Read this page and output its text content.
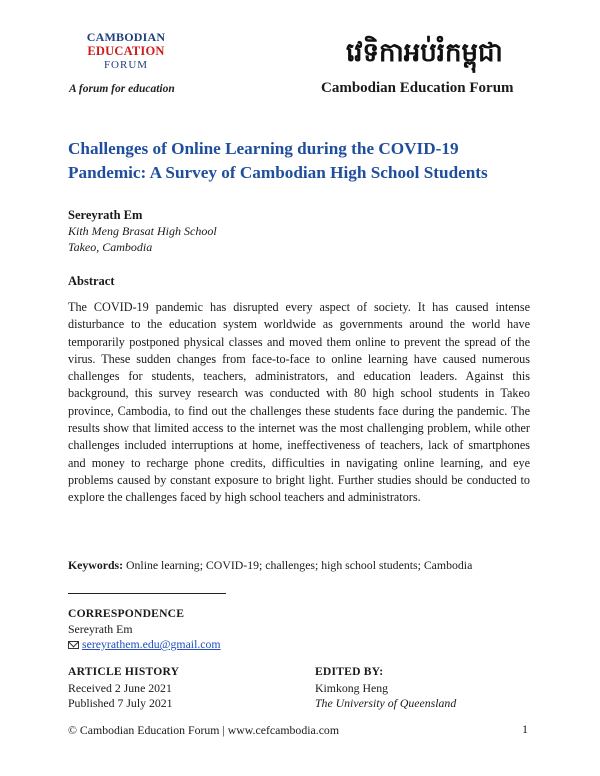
CAMBODIAN
EDUCATION
FORUM
A forum for education
វេទិកាអប់រំកម្ពុជា
Cambodian Education Forum
Challenges of Online Learning during the COVID-19 Pandemic: A Survey of Cambodian High School Students
Sereyrath Em
Kith Meng Brasat High School
Takeo, Cambodia
Abstract
The COVID-19 pandemic has disrupted every aspect of society. It has caused intense disturbance to the education system worldwide as governments around the world have temporarily postponed physical classes and moved them online to prevent the spread of the virus. These sudden changes from face-to-face to online learning have caused numerous challenges for students, teachers, administrators, and education leaders. Against this background, this survey research was conducted with 80 high school students in Takeo province, Cambodia, to find out the challenges these students face during the pandemic. The results show that limited access to the internet was the most challenging problem, while other challenges included interruptions at home, ineffectiveness of teachers, lack of smartphones and money to recharge phone credits, difficulties in navigating online learning, and eye problems caused by constant exposure to bright light. Further studies should be conducted to explore the challenges faced by high school teachers and administrators.
Keywords: Online learning; COVID-19; challenges; high school students; Cambodia
CORRESPONDENCE
Sereyrath Em
sereyrathem.edu@gmail.com
ARTICLE HISTORY
Received 2 June 2021
Published 7 July 2021
EDITED BY:
Kimkong Heng
The University of Queensland
© Cambodian Education Forum | www.cefcambodia.com	1
